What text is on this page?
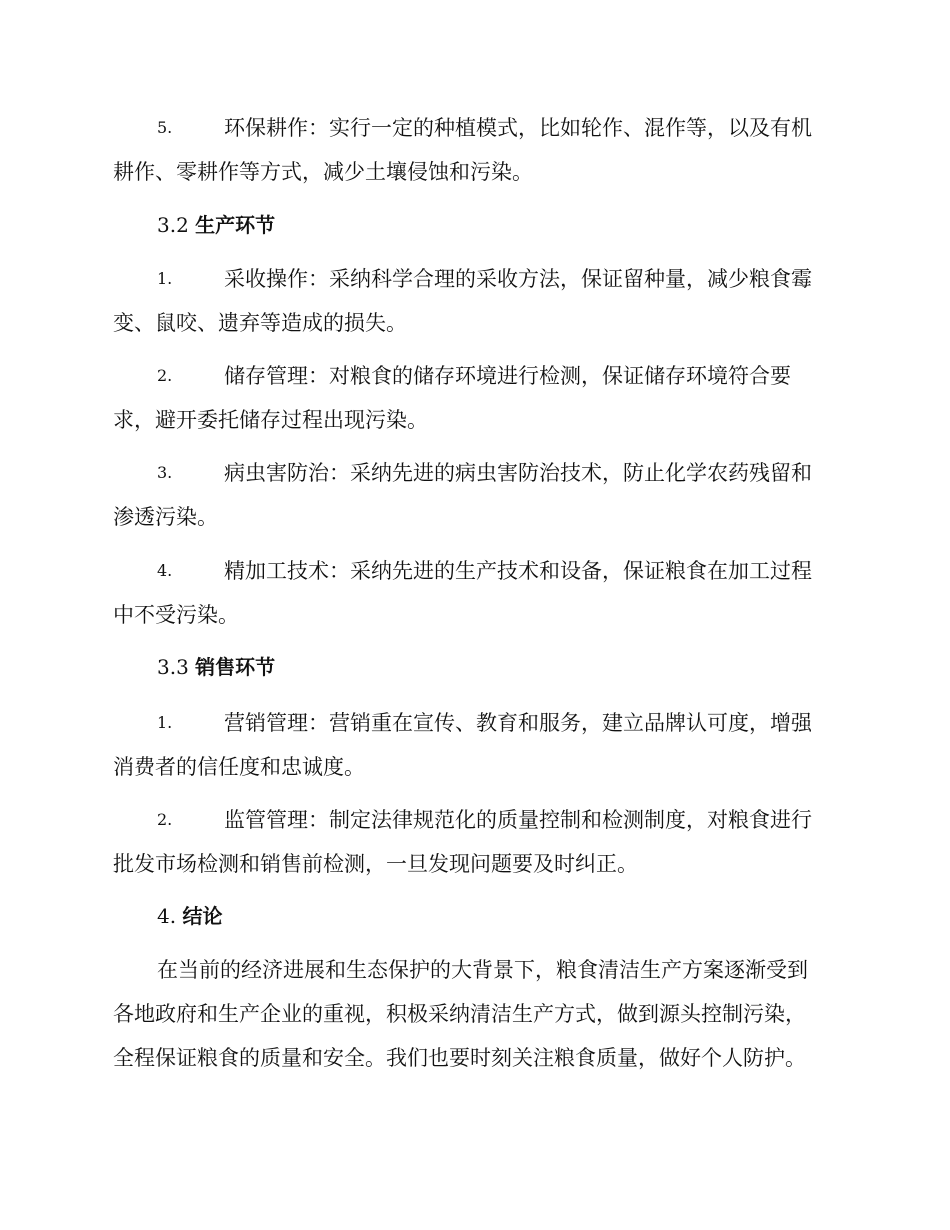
5.	环保耕作：实行一定的种植模式，比如轮作、混作等，以及有机
耕作、零耕作等方式，减少土壤侵蚀和污染。
3.2 生产环节
1.	采收操作：采纳科学合理的采收方法，保证留种量，减少粮食霉
变、鼠咬、遗弃等造成的损失。
2.	储存管理：对粮食的储存环境进行检测，保证储存环境符合要
求，避开委托储存过程出现污染。
3.	病虫害防治：采纳先进的病虫害防治技术，防止化学农药残留和
渗透污染。
4.	精加工技术：采纳先进的生产技术和设备，保证粮食在加工过程
中不受污染。
3.3 销售环节
1.	营销管理：营销重在宣传、教育和服务，建立品牌认可度，增强
消费者的信任度和忠诚度。
2.	监管管理：制定法律规范化的质量控制和检测制度，对粮食进行
批发市场检测和销售前检测，一旦发现问题要及时纠正。
4. 结论
在当前的经济进展和生态保护的大背景下，粮食清洁生产方案逐渐受到
各地政府和生产企业的重视，积极采纳清洁生产方式，做到源头控制污染，
全程保证粮食的质量和安全。我们也要时刻关注粮食质量，做好个人防护。
